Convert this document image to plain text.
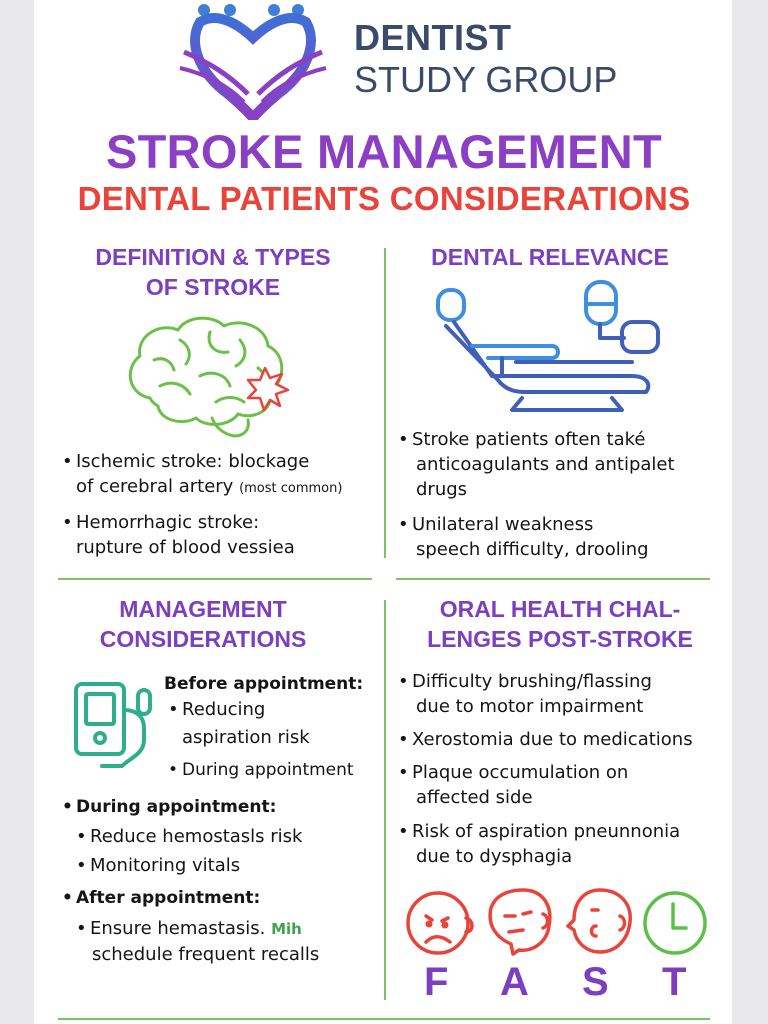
DENTIST
STUDY GROUP
STROKE MANAGEMENT
DENTAL PATIENTS CONSIDERATIONS
DEFINITION & TYPES
OF STROKE
• Ischemic stroke: blockage
of cerebral artery (most common)
• Hemorrhagic stroke:
rupture of blood vessiea
DENTAL RELEVANCE
• Stroke patients often také
anticoagulants and antipalet
drugs
• Unilateral weakness
speech difficulty, drooling
MANAGEMENT
CONSIDERATIONS
Before appointment:
• Reducing
aspiration risk
• During appointment
• During appointment:
• Reduce hemostasls risk
• Monitoring vitals
• After appointment:
• Ensure hemastasis. Mih
schedule frequent recalls
ORAL HEALTH CHAL-
LENGES POST-STROKE
• Difficulty brushing/flassing
due to motor impairment
• Xerostomia due to medications
• Plaque occumulation on
affected side
• Risk of aspiration pneunnonia
due to dysphagia
F A S T
